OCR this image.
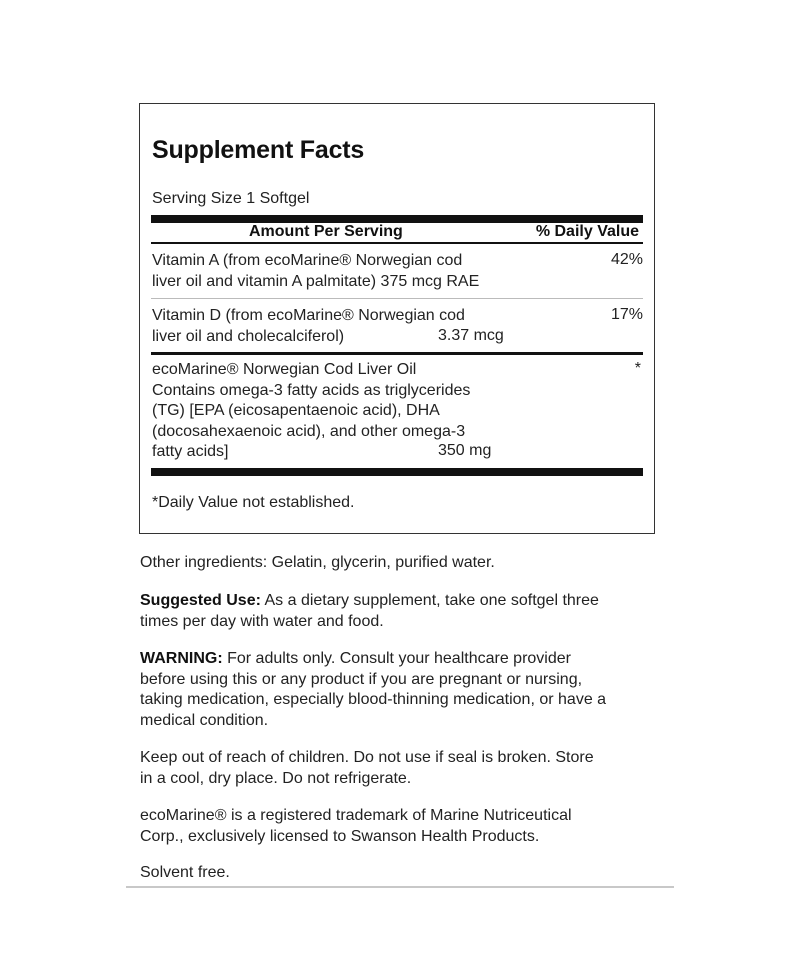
Supplement Facts
Serving Size 1 Softgel
Amount Per Serving	% Daily Value
Vitamin A (from ecoMarine® Norwegian cod
liver oil and vitamin A palmitate) 375 mcg RAE
42%
Vitamin D (from ecoMarine® Norwegian cod
liver oil and cholecalciferol)	3.37 mcg
17%
ecoMarine® Norwegian Cod Liver Oil
Contains omega-3 fatty acids as triglycerides
(TG) [EPA (eicosapentaenoic acid), DHA
(docosahexaenoic acid), and other omega-3
fatty acids]	350 mg
*
*Daily Value not established.
Other ingredients: Gelatin, glycerin, purified water.
Suggested Use: As a dietary supplement, take one softgel three
times per day with water and food.
WARNING: For adults only. Consult your healthcare provider
before using this or any product if you are pregnant or nursing,
taking medication, especially blood-thinning medication, or have a
medical condition.
Keep out of reach of children. Do not use if seal is broken. Store
in a cool, dry place. Do not refrigerate.
ecoMarine® is a registered trademark of Marine Nutriceutical
Corp., exclusively licensed to Swanson Health Products.
Solvent free.
